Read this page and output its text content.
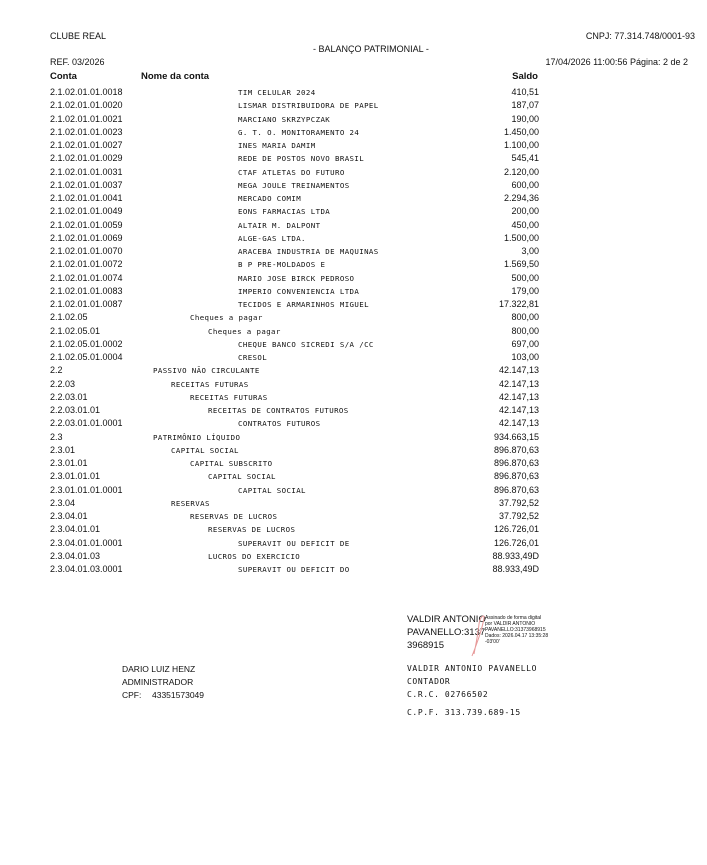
CLUBE REAL	CNPJ: 77.314.748/0001-93
- BALANÇO PATRIMONIAL -
REF. 03/2026	17/04/2026 11:00:56 Página: 2 de 2
Conta	Nome da conta	Saldo
2.1.02.01.01.0018	TIM CELULAR 2024	410,51
2.1.02.01.01.0020	LISMAR DISTRIBUIDORA DE PAPEL	187,07
2.1.02.01.01.0021	MARCIANO SKRZYPCZAK	190,00
2.1.02.01.01.0023	G. T. O. MONITORAMENTO 24	1.450,00
2.1.02.01.01.0027	INES MARIA DAMIM	1.100,00
2.1.02.01.01.0029	REDE DE POSTOS NOVO BRASIL	545,41
2.1.02.01.01.0031	CTAF ATLETAS DO FUTURO	2.120,00
2.1.02.01.01.0037	MEGA JOULE TREINAMENTOS	600,00
2.1.02.01.01.0041	MERCADO COMIM	2.294,36
2.1.02.01.01.0049	EONS FARMACIAS LTDA	200,00
2.1.02.01.01.0059	ALTAIR M. DALPONT	450,00
2.1.02.01.01.0069	ALGE-GAS LTDA.	1.500,00
2.1.02.01.01.0070	ARACEBA INDUSTRIA DE MAQUINAS	3,00
2.1.02.01.01.0072	B P PRE-MOLDADOS E	1.569,50
2.1.02.01.01.0074	MARIO JOSE BIRCK PEDROSO	500,00
2.1.02.01.01.0083	IMPERIO CONVENIENCIA LTDA	179,00
2.1.02.01.01.0087	TECIDOS E ARMARINHOS MIGUEL	17.322,81
2.1.02.05	Cheques a pagar	800,00
2.1.02.05.01	Cheques a pagar	800,00
2.1.02.05.01.0002	CHEQUE BANCO SICREDI S/A /CC	697,00
2.1.02.05.01.0004	CRESOL	103,00
2.2	PASSIVO NÃO CIRCULANTE	42.147,13
2.2.03	RECEITAS FUTURAS	42.147,13
2.2.03.01	RECEITAS FUTURAS	42.147,13
2.2.03.01.01	RECEITAS DE CONTRATOS FUTUROS	42.147,13
2.2.03.01.01.0001	CONTRATOS FUTUROS	42.147,13
2.3	PATRIMÔNIO LÍQUIDO	934.663,15
2.3.01	CAPITAL SOCIAL	896.870,63
2.3.01.01	CAPITAL SUBSCRITO	896.870,63
2.3.01.01.01	CAPITAL SOCIAL	896.870,63
2.3.01.01.01.0001	CAPITAL SOCIAL	896.870,63
2.3.04	RESERVAS	37.792,52
2.3.04.01	RESERVAS DE LUCROS	37.792,52
2.3.04.01.01	RESERVAS DE LUCROS	126.726,01
2.3.04.01.01.0001	SUPERAVIT OU DEFICIT DE	126.726,01
2.3.04.01.03	LUCROS DO EXERCICIO	88.933,49D
2.3.04.01.03.0001	SUPERAVIT OU DEFICIT DO	88.933,49D
VALDIR ANTONIO
PAVANELLO:3137
3968915
Assinado de forma digital
por VALDIR ANTONIO
PAVANELLO:31373968915
Dados: 2026.04.17 13:35:28
-03'00'
DARIO LUIZ HENZ
ADMINISTRADOR
CPF: 43351573049
VALDIR ANTONIO PAVANELLO
CONTADOR
C.R.C. 02766502
C.P.F. 313.739.689-15
